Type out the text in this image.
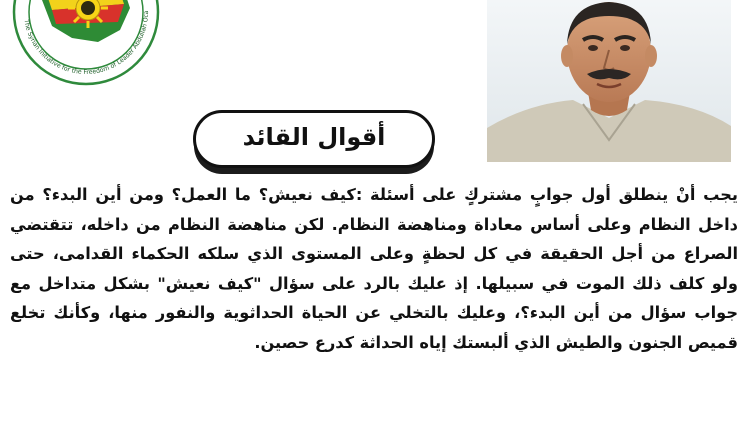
The Syrian Initiative for the Freedom of Leader Abdullah Oca
أقوال القائد

يجب أنْ ينطلق أول جوابٍ مشتركٍ على أسئلة :كيف نعيش؟ ما العمل؟ ومن أين البدء؟ من داخل النظام وعلى أساس معاداة ومناهضة النظام. لكن مناهضة النظام من داخله، تتقتضي الصراع من أجل الحقيقة في كل لحظةٍ وعلى المستوى الذي سلكه الحكماء القدامى، حتى ولو كلف ذلك الموت في سبيلها. إذ عليك بالرد على سؤال "كيف نعيش" بشكل متداخل مع جواب سؤال من أين البدء؟، وعليك بالتخلي عن الحياة الحداثوية والنفور منها، وكأنك تخلع قميص الجنون والطيش الذي ألبستك إياه الحداثة كدرع حصين.
